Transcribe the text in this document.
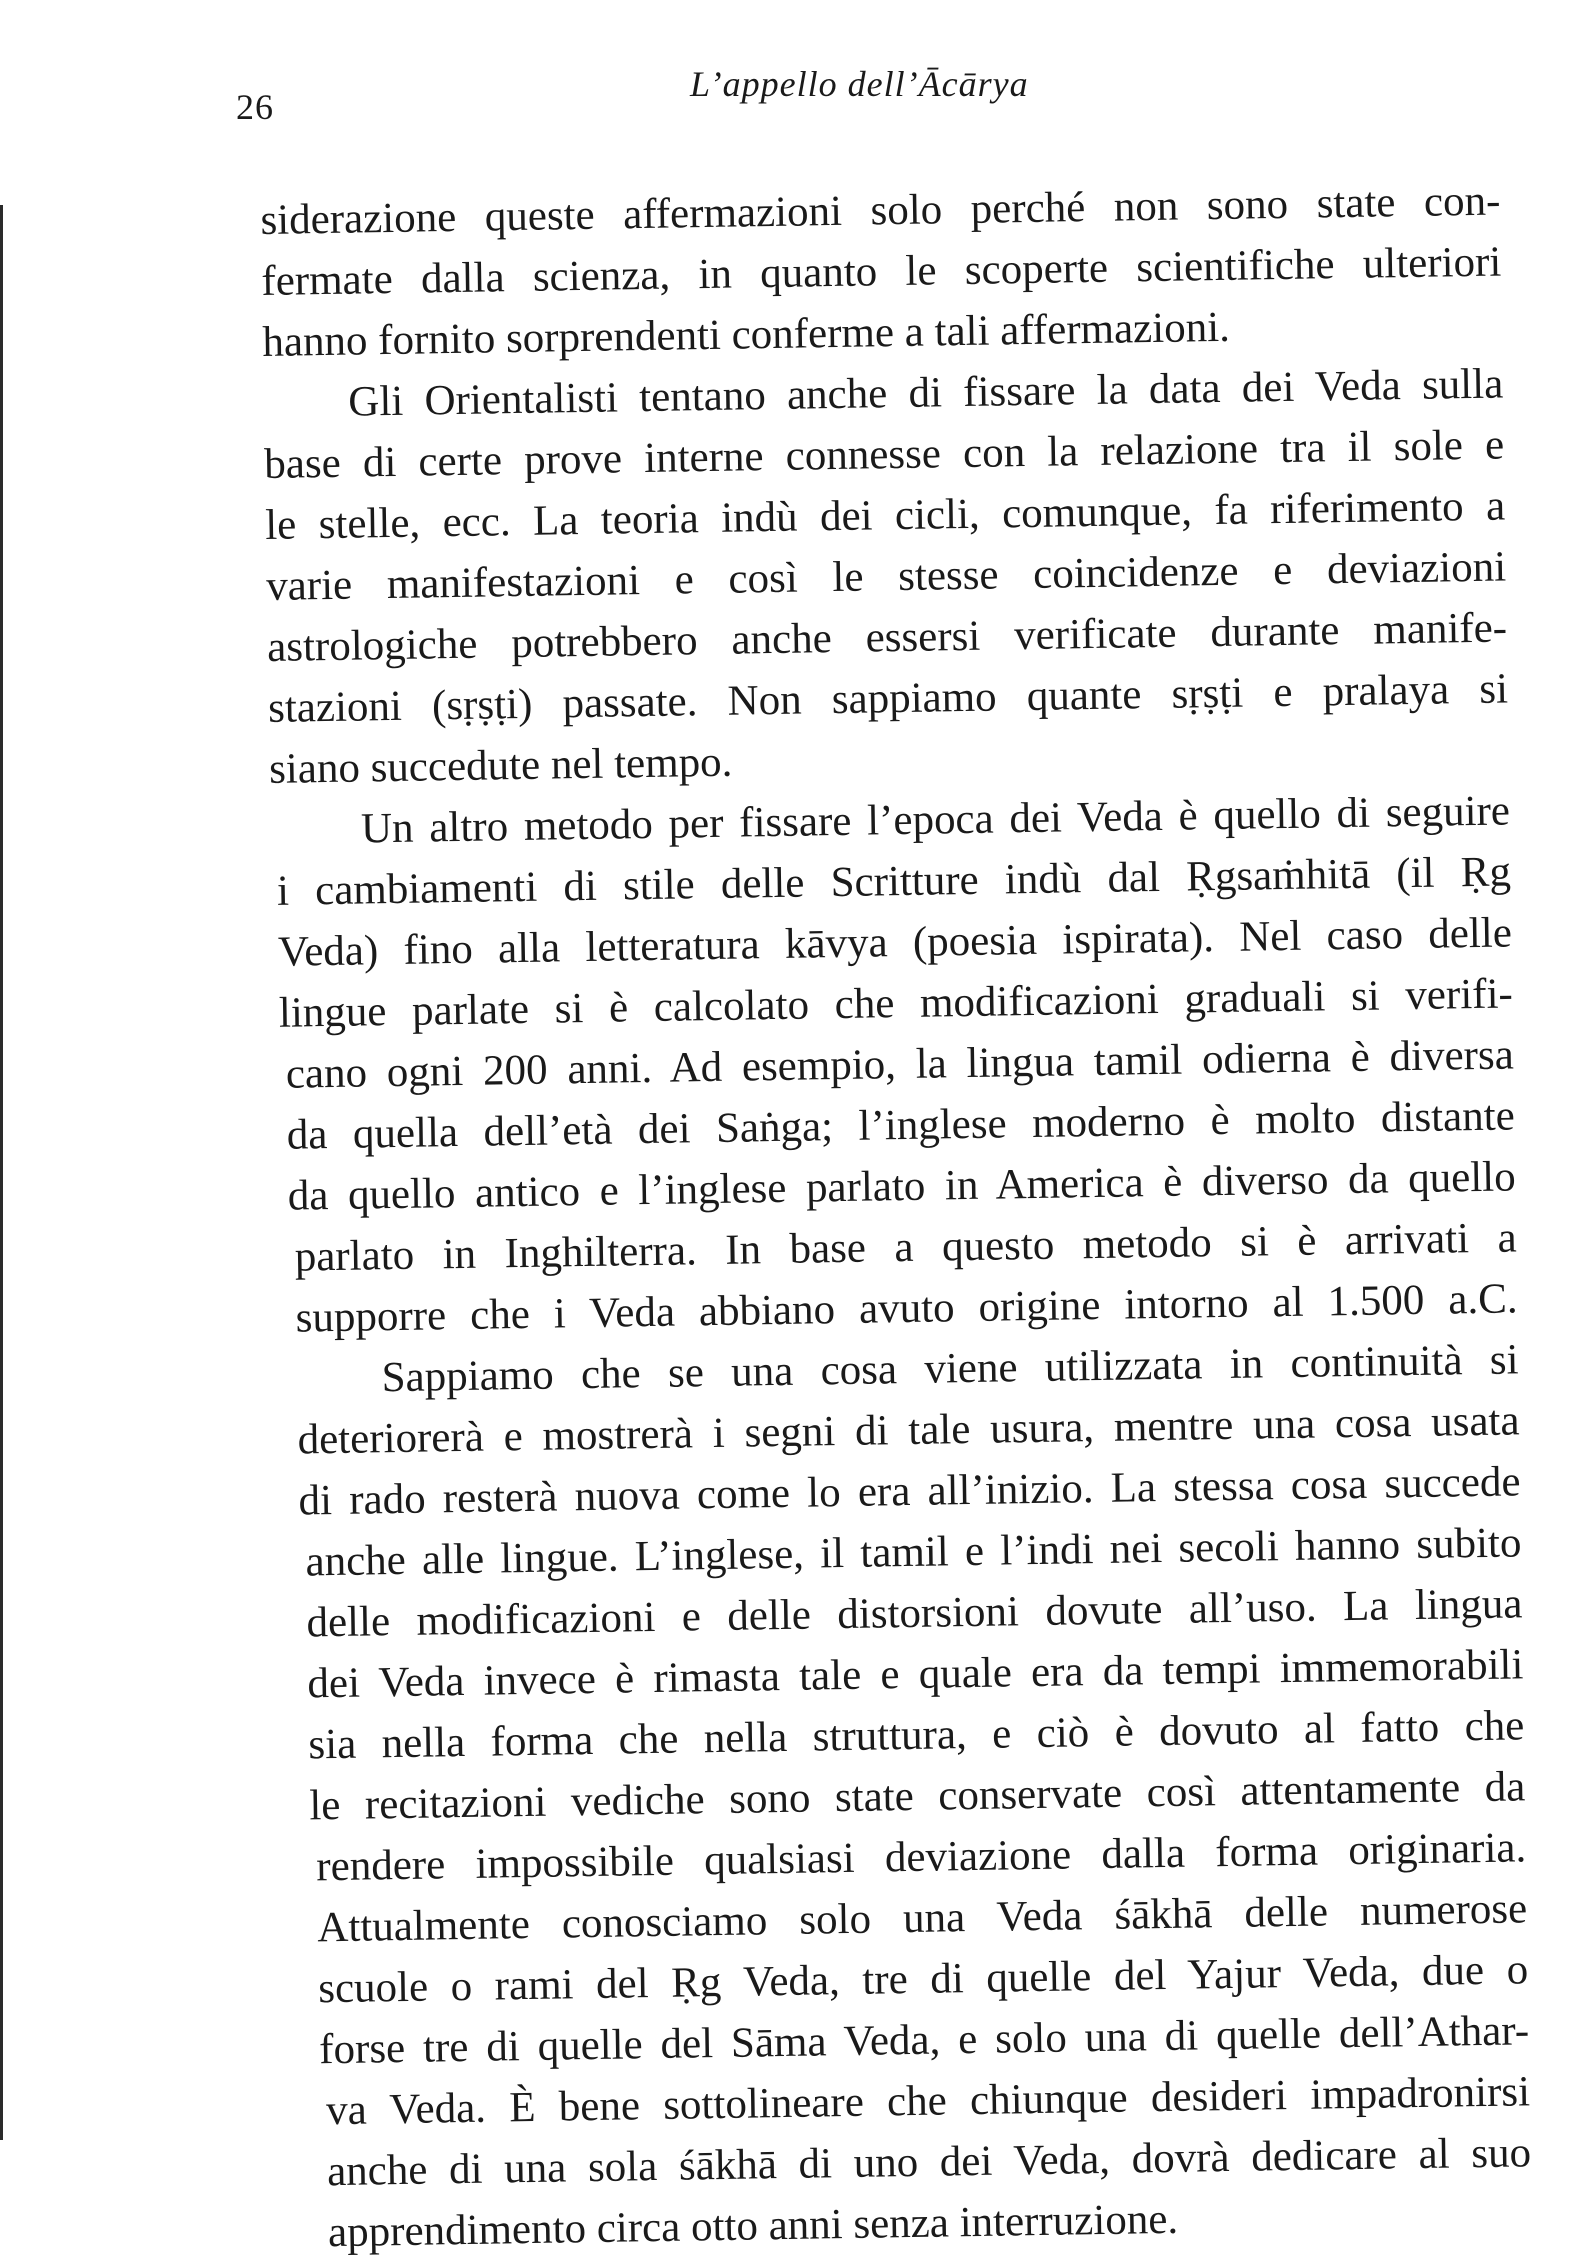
26
L’appello dell’Ācārya
siderazione queste affermazioni solo perché non sono state con-
fermate dalla scienza, in quanto le scoperte scientifiche ulteriori
hanno fornito sorprendenti conferme a tali affermazioni.
Gli Orientalisti tentano anche di fissare la data dei Veda sulla
base di certe prove interne connesse con la relazione tra il sole e
le stelle, ecc. La teoria indù dei cicli, comunque, fa riferimento a
varie manifestazioni e così le stesse coincidenze e deviazioni
astrologiche potrebbero anche essersi verificate durante manife-
stazioni (sṛṣṭi) passate. Non sappiamo quante sṛṣṭi e pralaya si
siano succedute nel tempo.
Un altro metodo per fissare l’epoca dei Veda è quello di seguire
i cambiamenti di stile delle Scritture indù dal Ṛgsaṁhitā (il Ṛg
Veda) fino alla letteratura kāvya (poesia ispirata). Nel caso delle
lingue parlate si è calcolato che modificazioni graduali si verifi-
cano ogni 200 anni. Ad esempio, la lingua tamil odierna è diversa
da quella dell’età dei Saṅga; l’inglese moderno è molto distante
da quello antico e l’inglese parlato in America è diverso da quello
parlato in Inghilterra. In base a questo metodo si è arrivati a
supporre che i Veda abbiano avuto origine intorno al 1.500 a.C.
Sappiamo che se una cosa viene utilizzata in continuità si
deteriorerà e mostrerà i segni di tale usura, mentre una cosa usata
di rado resterà nuova come lo era all’inizio. La stessa cosa succede
anche alle lingue. L’inglese, il tamil e l’indi nei secoli hanno subito
delle modificazioni e delle distorsioni dovute all’uso. La lingua
dei Veda invece è rimasta tale e quale era da tempi immemorabili
sia nella forma che nella struttura, e ciò è dovuto al fatto che
le recitazioni vediche sono state conservate così attentamente da
rendere impossibile qualsiasi deviazione dalla forma originaria.
Attualmente conosciamo solo una Veda śākhā delle numerose
scuole o rami del Ṛg Veda, tre di quelle del Yajur Veda, due o
forse tre di quelle del Sāma Veda, e solo una di quelle dell’Athar-
va Veda. È bene sottolineare che chiunque desideri impadronirsi
anche di una sola śākhā di uno dei Veda, dovrà dedicare al suo
apprendimento circa otto anni senza interruzione.
